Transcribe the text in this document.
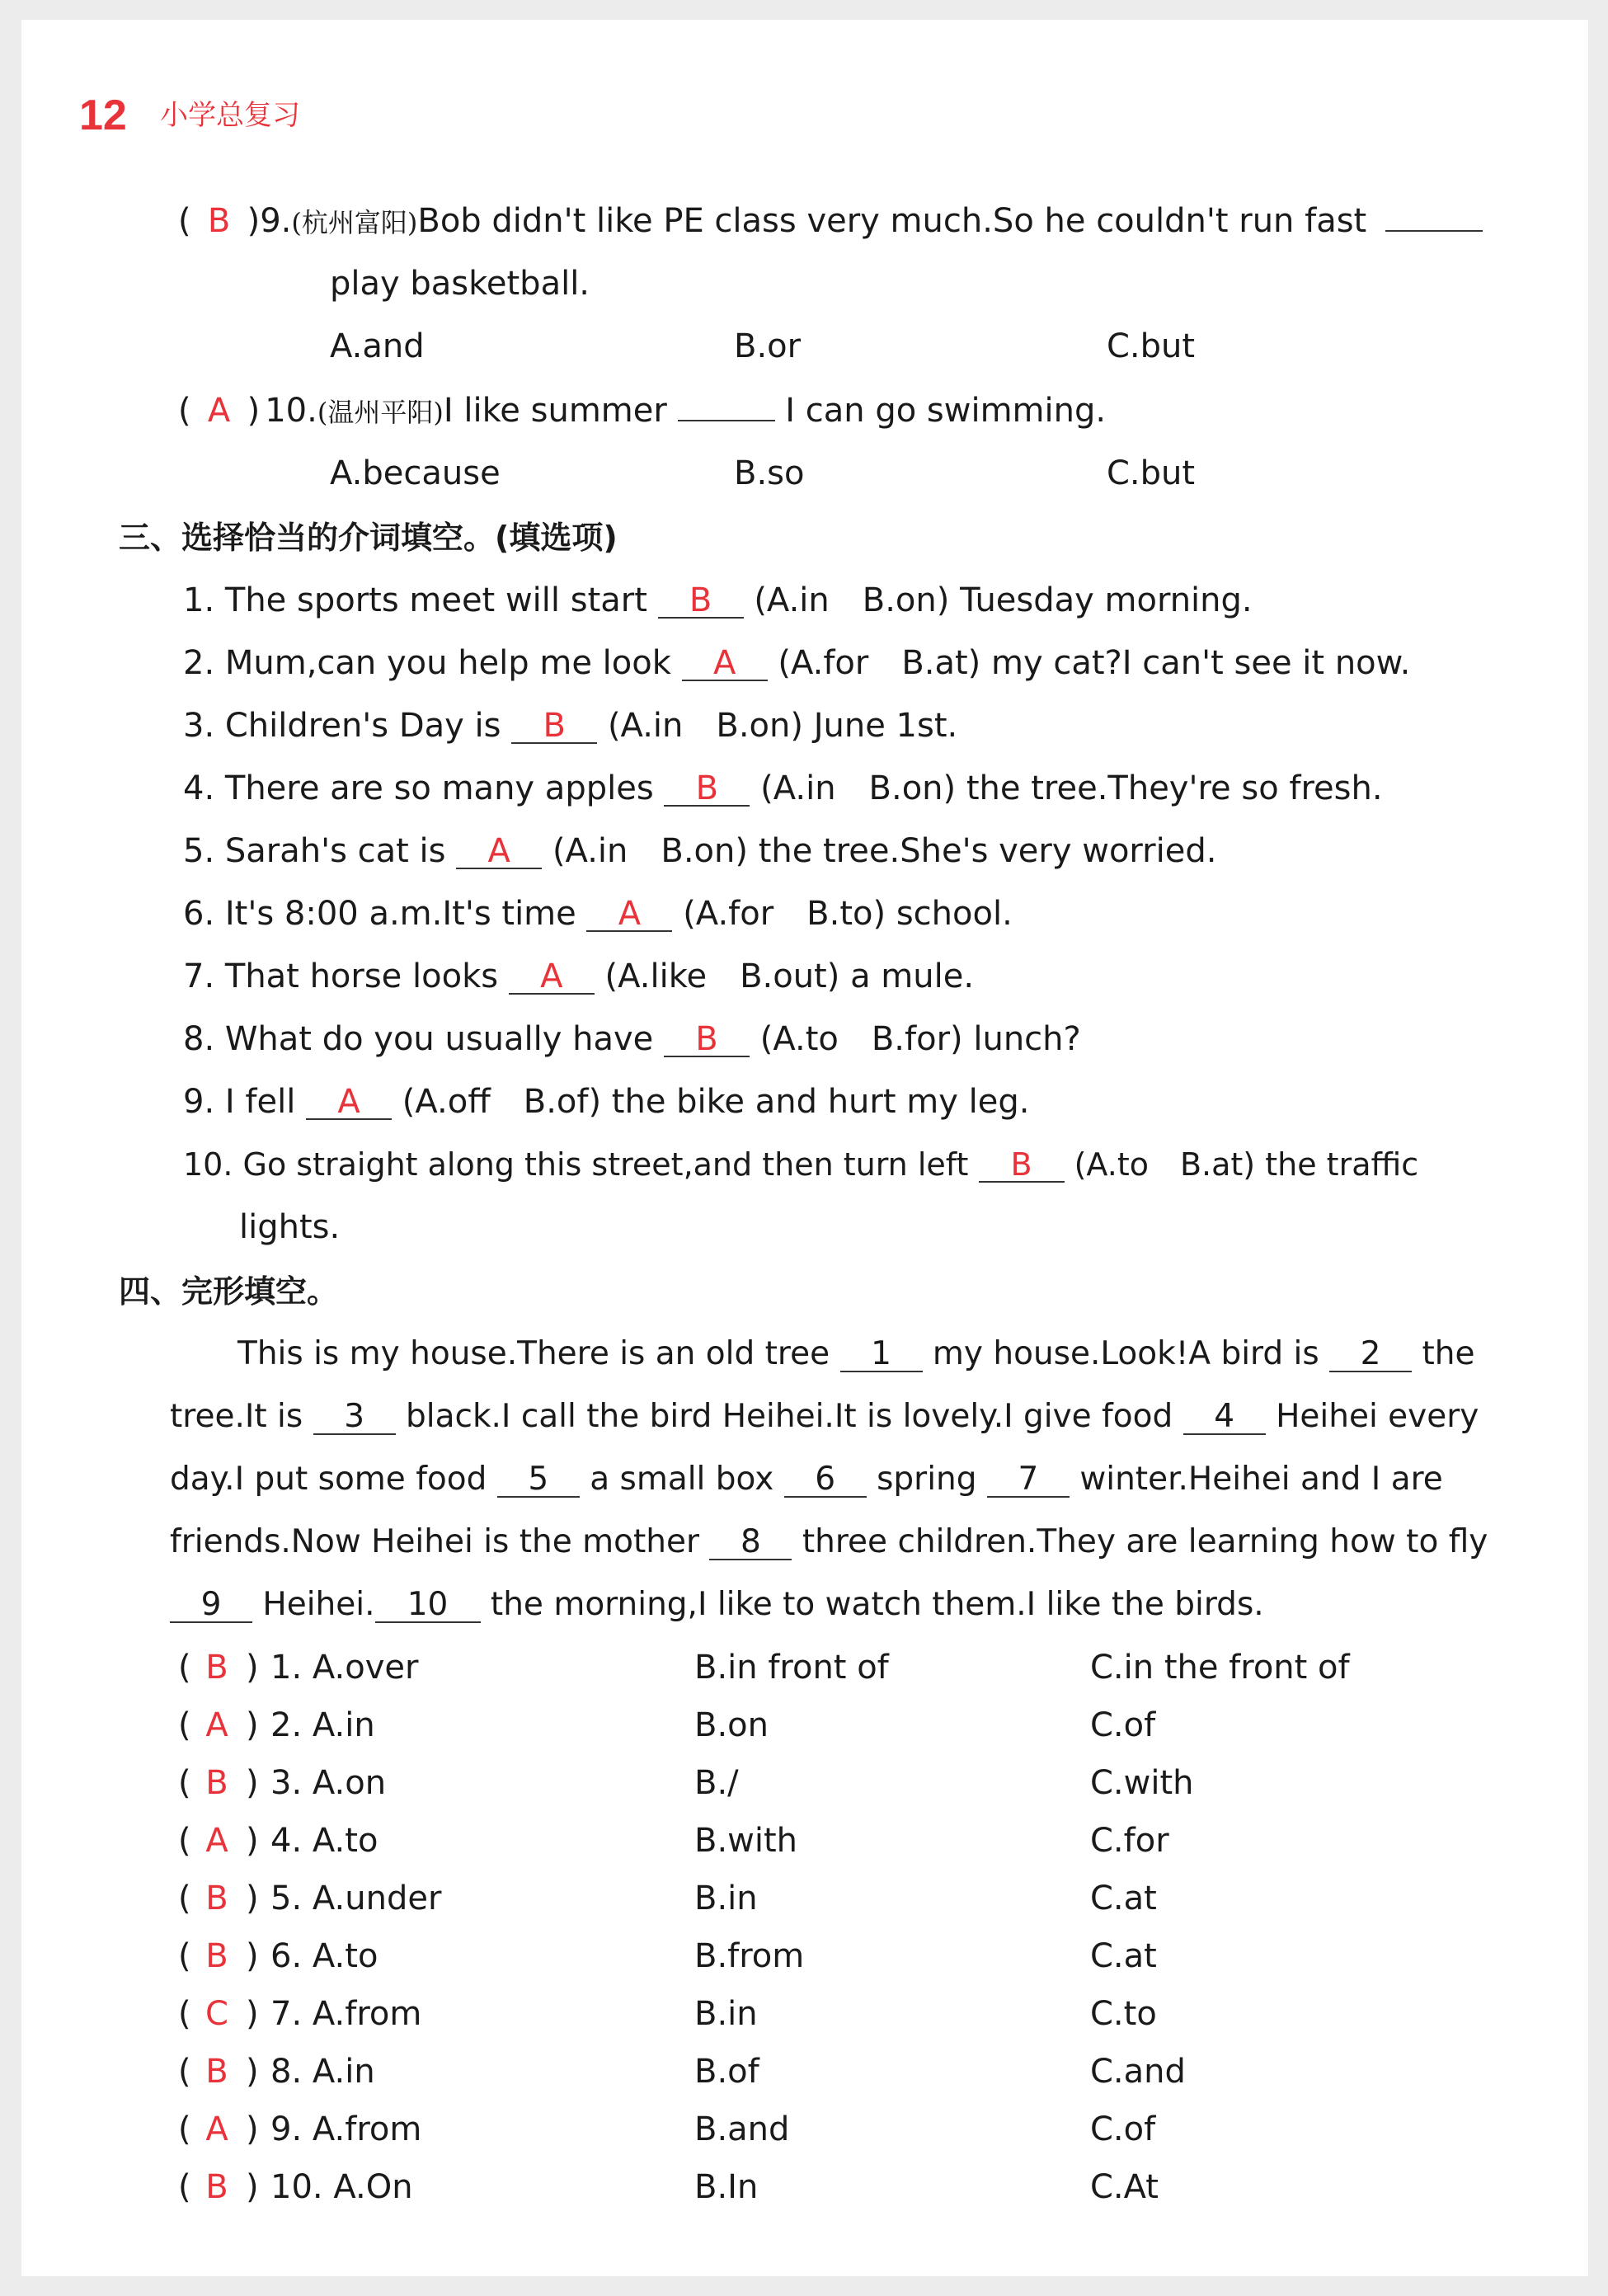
12 小学总复习
( B )9.(杭州富阳)Bob didn't like PE class very much.So he couldn't run fast
play basketball.
A.and	B.or	C.but
( A ) 10.(温州平阳)I like summer	I can go swimming.
A.because	B.so	C.but
三、选择恰当的介词填空。(填选项)
1. The sports meet will start B (A.in　B.on) Tuesday morning.
2. Mum,can you help me look A (A.for　B.at) my cat?I can't see it now.
3. Children's Day is B (A.in　B.on) June 1st.
4. There are so many apples B (A.in　B.on) the tree.They're so fresh.
5. Sarah's cat is A (A.in　B.on) the tree.She's very worried.
6. It's 8:00 a.m.It's time A (A.for　B.to) school.
7. That horse looks A (A.like　B.out) a mule.
8. What do you usually have B (A.to　B.for) lunch?
9. I fell A (A.off　B.of) the bike and hurt my leg.
10. Go straight along this street,and then turn left B (A.to　B.at) the traffic
lights.
四、完形填空。
This is my house.There is an old tree 1 my house.Look!A bird is 2 the
tree.It is 3 black.I call the bird Heihei.It is lovely.I give food 4 Heihei every
day.I put some food 5 a small box 6 spring 7 winter.Heihei and I are
friends.Now Heihei is the mother 8 three children.They are learning how to fly
9 Heihei. 10 the morning,I like to watch them.I like the birds.
( B ) 1. A.over	B.in front of	C.in the front of
( A ) 2. A.in	B.on	C.of
( B ) 3. A.on	B./	C.with
( A ) 4. A.to	B.with	C.for
( B ) 5. A.under	B.in	C.at
( B ) 6. A.to	B.from	C.at
( C ) 7. A.from	B.in	C.to
( B ) 8. A.in	B.of	C.and
( A ) 9. A.from	B.and	C.of
( B ) 10. A.On	B.In	C.At
